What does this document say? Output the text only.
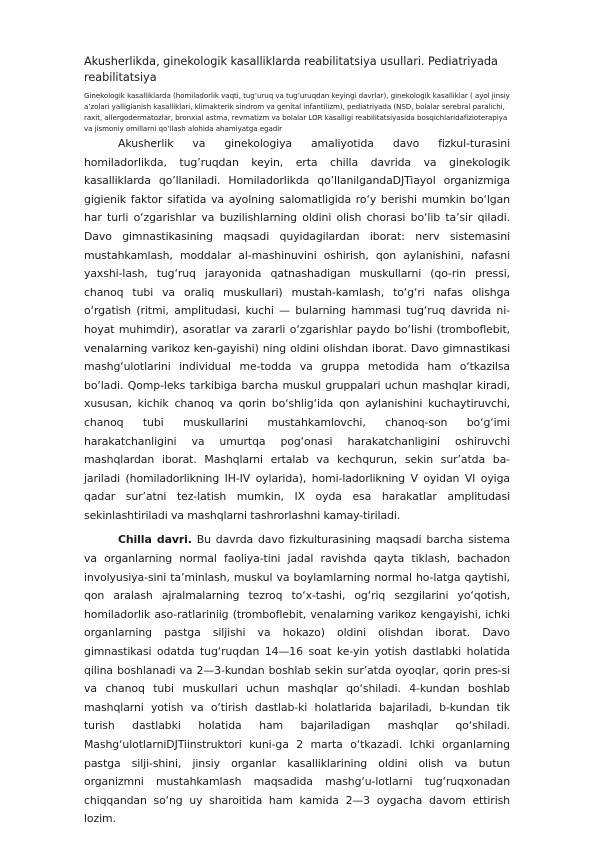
Akusherlikda, ginekologik kasalliklarda reabilitatsiya usullari. Pediatriyada reabilitatsiya

Ginekologik kasalliklarda (homiladorlik vaqti, tug’uruq va tug’uruqdan keyingi davrlar), ginekologik kasalliklar ( ayol jinsiy a’zolari yalliglanish kasalliklari, klimakterik sindrom va genital infantilizm), pediatriyada (NSD, bolalar serebral paralichi, raxit, allergodermatozlar, bronxial astma, revmatizm va bolalar LOR kasalligi reabilitatsiyasida bosqichlaridafizioterapiya va jismoniy omillarni qo’llash alohida ahamiyatga egadir

Akusherlik va ginekologiya amaliyotida davo fizkul-turasini homiladorlikda, tug’ruqdan keyin, erta chilla davrida va ginekologik kasalliklarda qo’llaniladi. Homiladorlikda qo’llanilgandaDJTiayol organizmiga gigienik faktor sifatida va ayolning salomatligida ro‘y berishi mumkin bo‘lgan har turli o‘zgarishlar va buzilishlarning oldini olish chorasi bo‘lib ta’sir qiladi. Davo gimnastikasining maqsadi quyidagilardan iborat: nerv sistemasini mustahkamlash, moddalar al-mashinuvini oshirish, qon aylanishini, nafasni yaxshi-lash, tug‘ruq jarayonida qatnashadigan muskullarni (qo-rin pressi, chanoq tubi va oraliq muskullari) mustah-kamlash, to‘g‘ri nafas olishga o‘rgatish (ritmi, amplitudasi, kuchi — bularning hammasi tug‘ruq davrida ni-hoyat muhimdir), asoratlar va zararli o‘zgarishlar paydo bo‘lishi (tromboflebit, venalarning varikoz ken-gayishi) ning oldini olishdan iborat. Davo gimnastikasi mashg‘ulotlarini individual me-todda va gruppa metodida ham o‘tkazilsa bo‘ladi. Qomp-leks tarkibiga barcha muskul gruppalari uchun mashqlar kiradi, xususan, kichik chanoq va qorin bo‘shlig‘ida qon aylanishini kuchaytiruvchi, chanoq tubi muskullarini mustahkamlovchi, chanoq-son bo‘g‘imi harakatchanligini va umurtqa pog‘onasi harakatchanligini oshiruvchi mashqlardan iborat. Mashqlarni ertalab va kechqurun, sekin sur’atda ba-jariladi (homiladorlikning IH-IV oylarida), homi-ladorlikning V oyidan VI oyiga qadar sur’atni tez-latish mumkin, IX oyda esa harakatlar amplitudasi sekinlashtiriladi va mashqlarni tashrorlashni kamay-tiriladi.

Chilla davri. Bu davrda davo fizkulturasining maqsadi barcha sistema va organlarning normal faoliya-tini jadal ravishda qayta tiklash, bachadon involyusiya-sini ta’minlash, muskul va boylamlarning normal ho-latga qaytishi, qon aralash ajralmalarning tezroq to‘x-tashi, og‘riq sezgilarini yo‘qotish, homiladorlik aso-ratlariniig (tromboflebit, venalarning varikoz kengayishi, ichki organlarning pastga siljishi va hokazo) oldini olishdan iborat. Davo gimnastikasi odatda tug‘ruqdan 14—16 soat ke-yin yotish dastlabki holatida qilina boshlanadi va 2—3-kundan boshlab sekin sur’atda oyoqlar, qorin pres-si va chanoq tubi muskullari uchun mashqlar qo‘shiladi. 4-kundan boshlab mashqlarni yotish va o‘tirish dastlab-ki holatlarida bajariladi, b-kundan tik turish dastlabki holatida ham bajariladigan mashqlar qo‘shiladi. Mashg‘ulotlarniDJTiinstruktori kuni-ga 2 marta o‘tkazadi. Ichki organlarning pastga silji-shini, jinsiy organlar kasalliklarining oldini olish va butun organizmni mustahkamlash maqsadida mashg‘u-lotlarni tug‘ruqxonadan chiqqandan so‘ng uy sharoitida ham kamida 2—3 oygacha davom ettirish lozim.
